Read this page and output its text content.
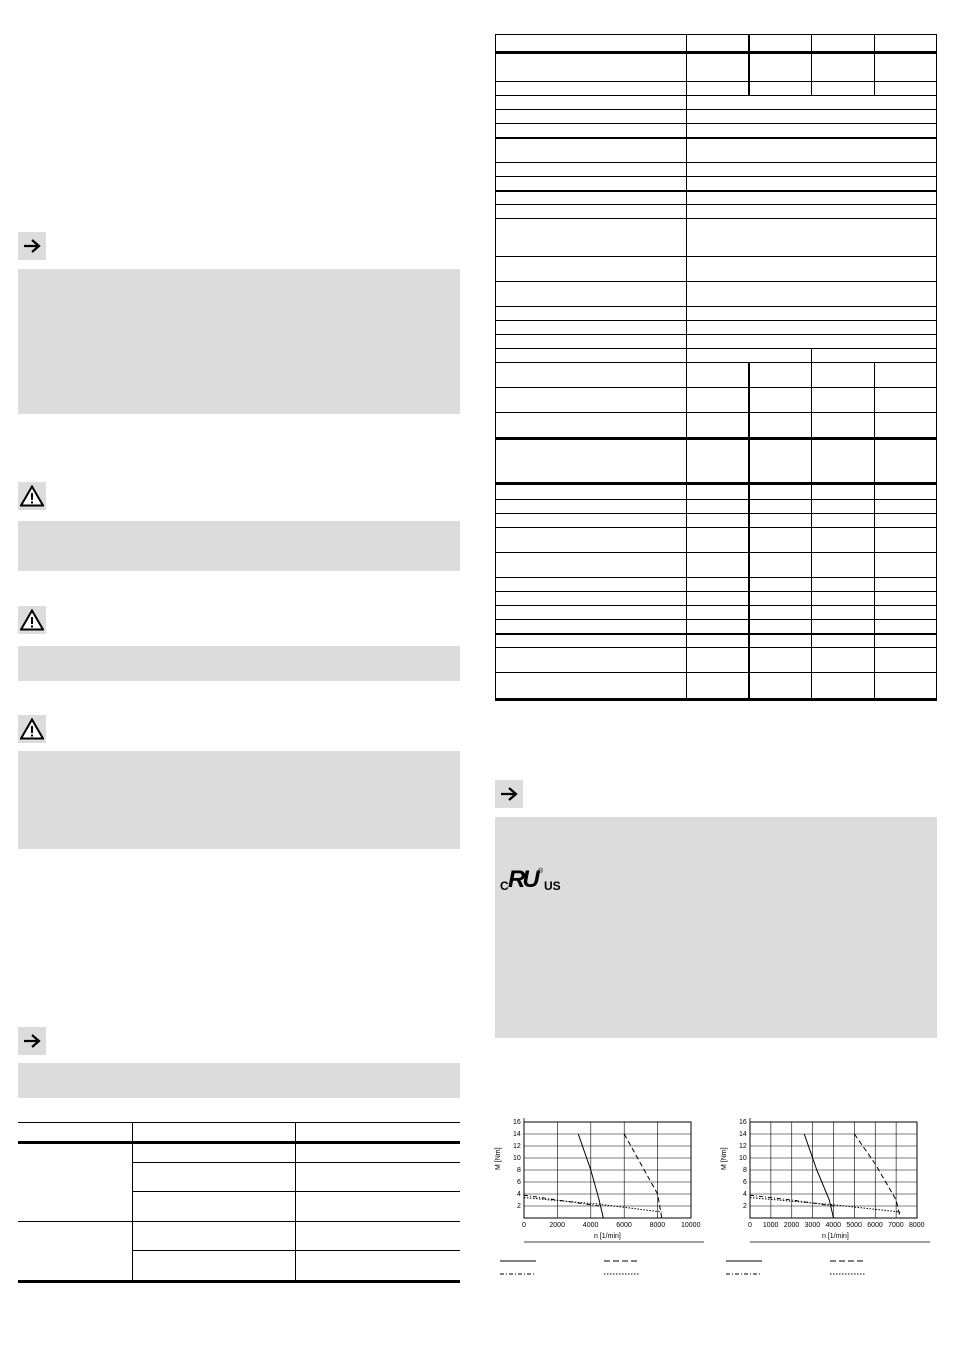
C RU ®
US
M [Nm]
n [1/min]
0	2000	4000	6000	8000 10000
2
4
6
8
10
12
14
16
M [Nm]
n [1/min]
0 1000 2000 3000 4000 5000 6000 7000 8000
2
4
6
8
10
12
14
16
